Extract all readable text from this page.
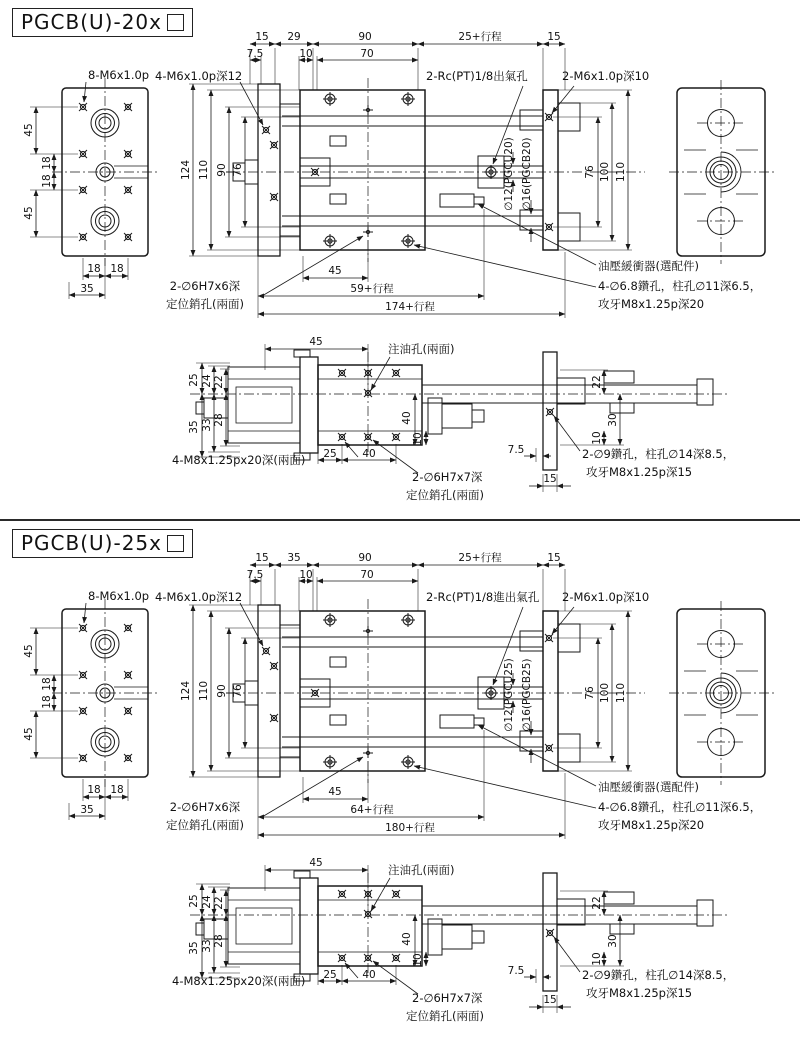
8-M6x1.0p 4-M6x1.0p深12	2-Rc(PT)1/8出氣孔	2-M6x1.0p深10
15 29	90	25+行程	15
7.5	10	70
45
18
18
45
18 18
35
124 110 90 76	∅12(PGCU20) ∅16(PGCB20)	76 100 110
45
59+行程
174+行程
2-∅6H7x6深
定位銷孔(兩面)
油壓緩衝器(選配件)
4-∅6.8鑽孔，柱孔∅11深6.5，
攻牙M8x1.25p深20
45	注油孔(兩面)
25 24 22
35 33 28	40
10
4-M8x1.25px20深(兩面) 25 40
2-∅6H7x7深
定位銷孔(兩面)
7.5
15
22
30
10
2-∅9鑽孔，柱孔∅14深8.5，
攻牙M8x1.25p深15
PGCB(U)-20x
8-M6x1.0p 4-M6x1.0p深12	2-Rc(PT)1/8進出氣孔 2-M6x1.0p深10
15 35	90	25+行程	15
7.5	10	70
45
18
18
45
18 18
35
124 110 90 76	∅12(PGCU25) ∅16(PGCB25)	76 100 110
45
64+行程
180+行程
2-∅6H7x6深
定位銷孔(兩面)
油壓緩衝器(選配件)
4-∅6.8鑽孔，柱孔∅11深6.5，
攻牙M8x1.25p深20
45	注油孔(兩面)
25 24 22
35 33 28	40
10
4-M8x1.25px20深(兩面) 25 40
2-∅6H7x7深
定位銷孔(兩面)
7.5
15
22
30
10
2-∅9鑽孔，柱孔∅14深8.5，
攻牙M8x1.25p深15
PGCB(U)-25x
